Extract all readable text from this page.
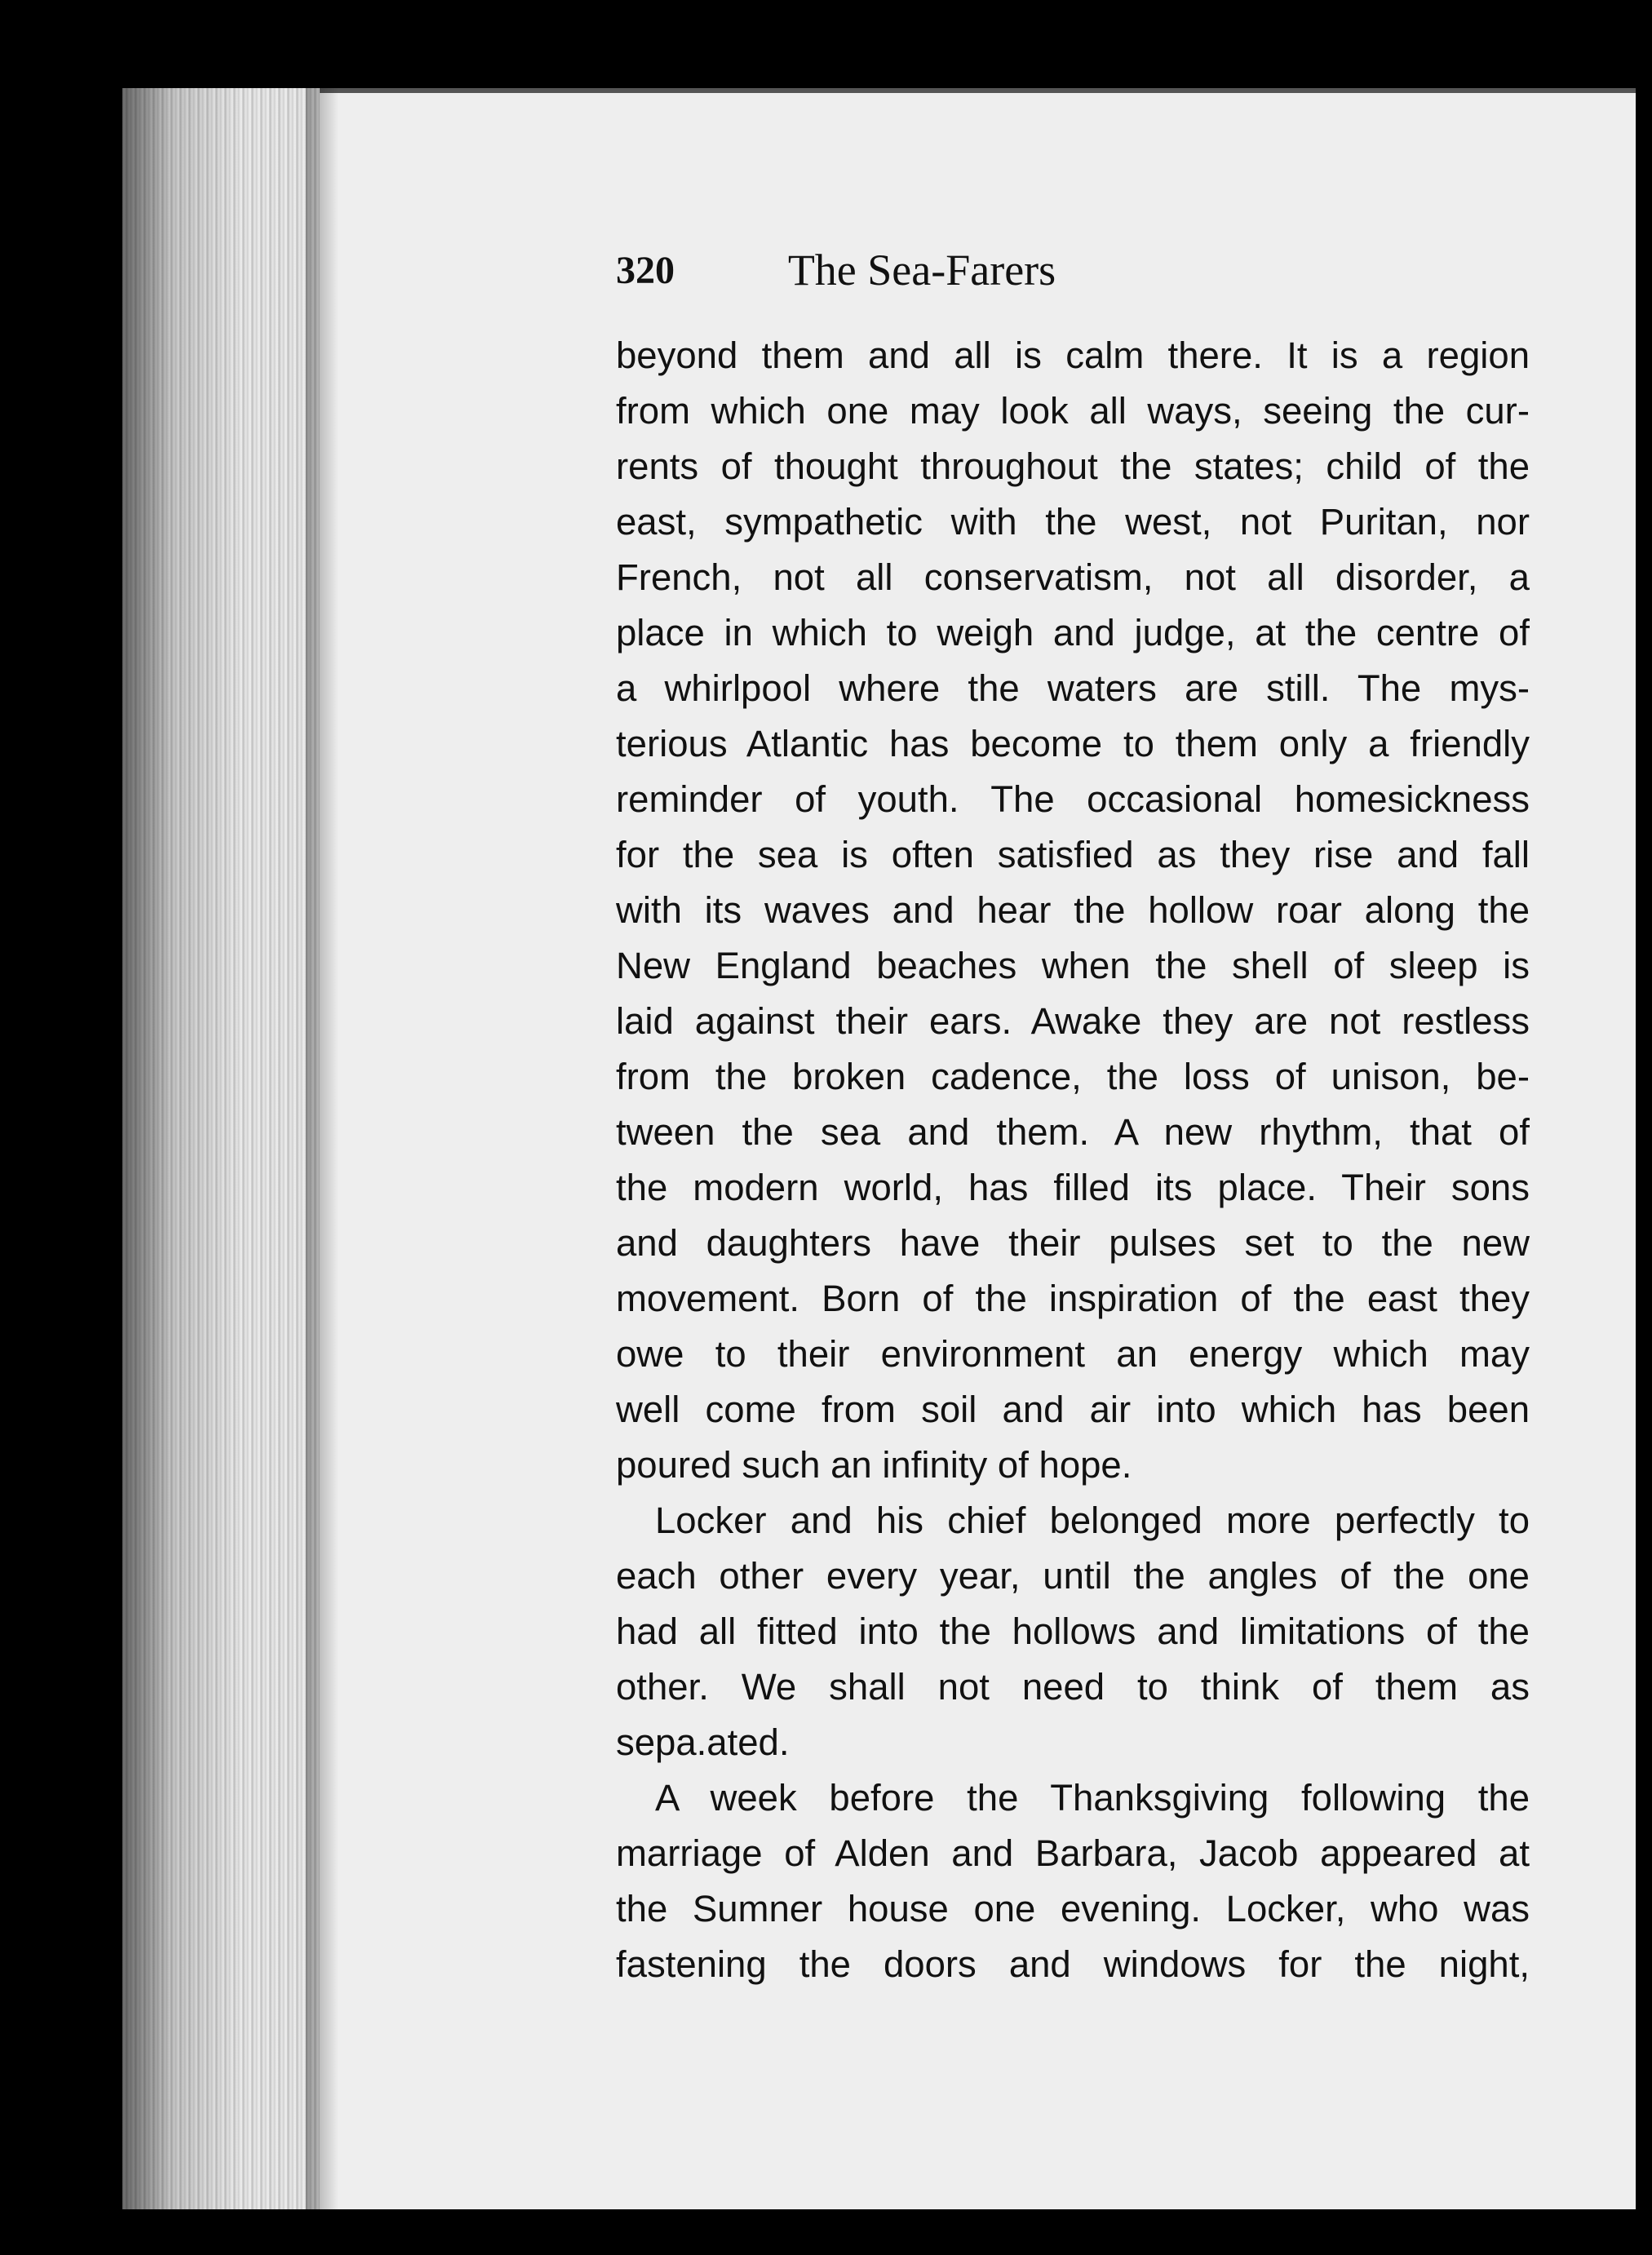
320	The Sea-Farers
beyond them and all is calm there. It is a region
from which one may look all ways, seeing the cur-
rents of thought throughout the states; child of the
east, sympathetic with the west, not Puritan, nor
French, not all conservatism, not all disorder, a
place in which to weigh and judge, at the centre of
a whirlpool where the waters are still. The mys-
terious Atlantic has become to them only a friendly
reminder of youth. The occasional homesickness
for the sea is often satisfied as they rise and fall
with its waves and hear the hollow roar along the
New England beaches when the shell of sleep is
laid against their ears. Awake they are not restless
from the broken cadence, the loss of unison, be-
tween the sea and them. A new rhythm, that of
the modern world, has filled its place. Their sons
and daughters have their pulses set to the new
movement. Born of the inspiration of the east they
owe to their environment an energy which may
well come from soil and air into which has been
poured such an infinity of hope.
Locker and his chief belonged more perfectly to
each other every year, until the angles of the one
had all fitted into the hollows and limitations of the
other. We shall not need to think of them as
sepa.ated.
A week before the Thanksgiving following the
marriage of Alden and Barbara, Jacob appeared at
the Sumner house one evening. Locker, who was
fastening the doors and windows for the night,
